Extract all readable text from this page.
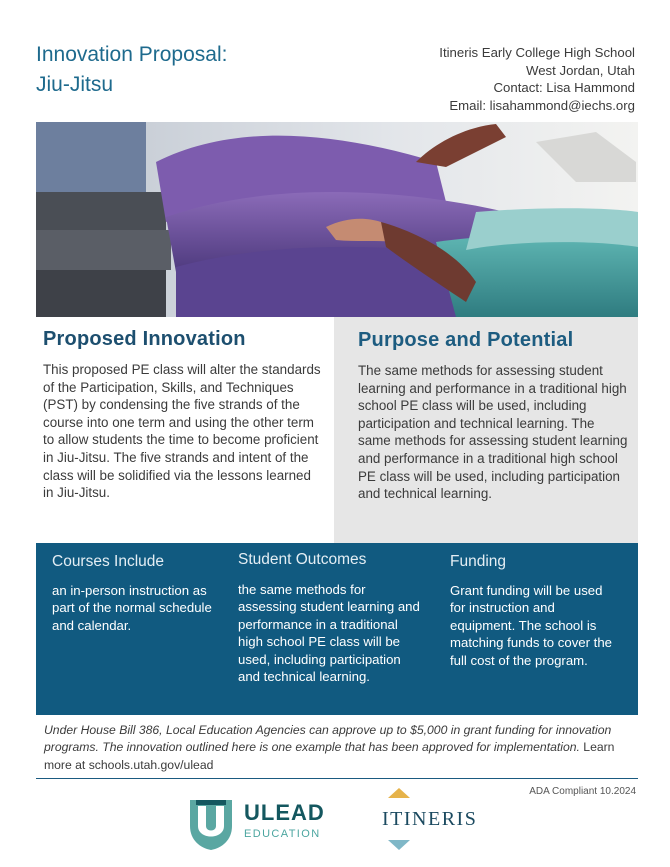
Innovation Proposal:
Jiu-Jitsu
Itineris Early College High School
West Jordan, Utah
Contact: Lisa Hammond
Email: lisahammond@iechs.org
Proposed Innovation
This proposed PE class will alter the standards of the Participation, Skills, and Techniques (PST) by condensing the five strands of the course into one term and using the other term to allow students the time to become proficient in Jiu-Jitsu. The five strands and intent of the class will be solidified via the lessons learned in Jiu-Jitsu.
Purpose and Potential
The same methods for assessing student learning and performance in a traditional high school PE class will be used, including participation and technical learning. The same methods for assessing student learning and performance in a traditional high school PE class will be used, including participation and technical learning.
Courses Include
an in-person instruction as part of the normal schedule and calendar.
Student Outcomes
the same methods for assessing student learning and performance in a traditional high school PE class will be used, including participation and technical learning.
Funding
Grant funding will be used for instruction and equipment. The school is matching funds to cover the full cost of the program.
Under House Bill 386, Local Education Agencies can approve up to $5,000 in grant funding for innovation programs. The innovation outlined here is one example that has been approved for implementation. Learn more at schools.utah.gov/ulead
ADA Compliant 10.2024
ULEAD
EDUCATION
ITINERIS
